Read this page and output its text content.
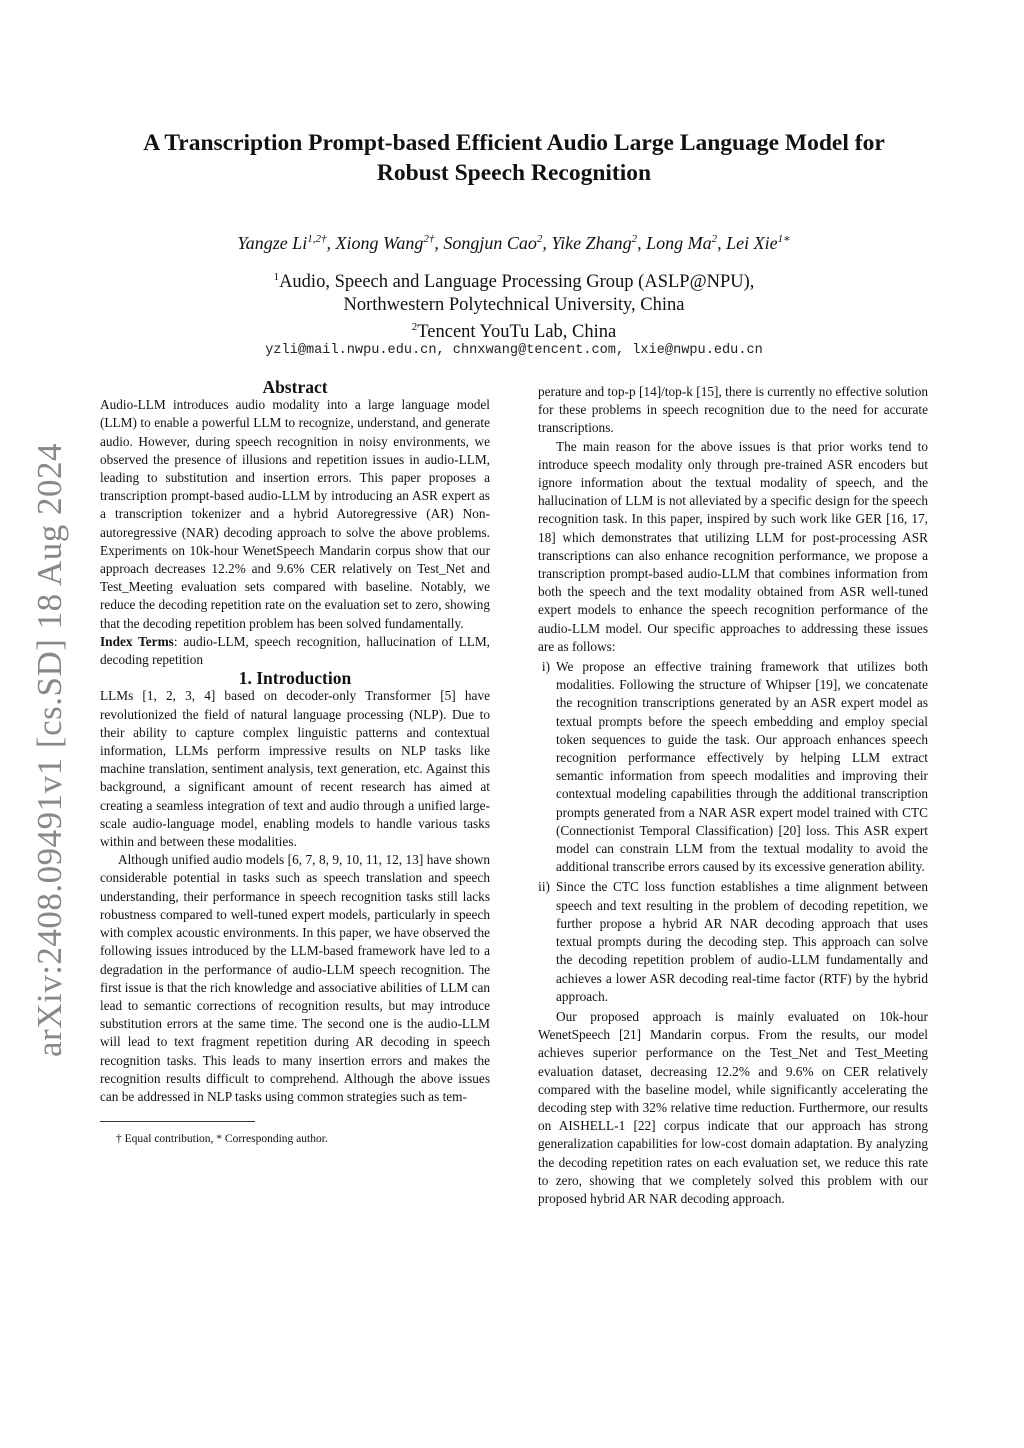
arXiv:2408.09491v1 [cs.SD] 18 Aug 2024
A Transcription Prompt-based Efficient Audio Large Language Model for
Robust Speech Recognition
Yangze $Li^{1,2\dagger}$, Xiong Wang$^{2\dagger}$, Songjun Cao$^2$, Yike Zhang$^2$, Long Ma$^2$, Lei Xie$^{1∗}$
$^1$Audio, Speech and Language Processing Group (ASLP@NPU),
Northwestern Polytechnical University, China
$^2$Tencent YouTu Lab, China
yzli@mail.nwpu.edu.cn, chnxwang@tencent.com, lxie@nwpu.edu.cn

Abstract

Audio-LLM introduces audio modality into a large language model (LLM) to enable a powerful LLM to recognize, understand, and generate audio. However, during speech recognition in noisy environments, we observed the presence of illusions and repetition issues in audio-LLM, leading to substitution and insertion errors. This paper proposes a transcription prompt-based audio-LLM by introducing an ASR expert as a transcription tokenizer and a hybrid Autoregressive (AR) Non-autoregressive (NAR) decoding approach to solve the above problems. Experiments on 10k-hour WenetSpeech Mandarin corpus show that our approach decreases 12.2% and 9.6% CER relatively on Test_Net and Test_Meeting evaluation sets compared with baseline. Notably, we reduce the decoding repetition rate on the evaluation set to zero, showing that the decoding repetition problem has been solved fundamentally.

Index Terms: audio-LLM, speech recognition, hallucination of LLM, decoding repetition

1. Introduction

LLMs [1, 2, 3, 4] based on decoder-only Transformer [5] have revolutionized the field of natural language processing (NLP). Due to their ability to capture complex linguistic patterns and contextual information, LLMs perform impressive results on NLP tasks like machine translation, sentiment analysis, text generation, etc. Against this background, a significant amount of recent research has aimed at creating a seamless integration of text and audio through a unified large-scale audio-language model, enabling models to handle various tasks within and between these modalities.

Although unified audio models [6, 7, 8, 9, 10, 11, 12, 13] have shown considerable potential in tasks such as speech translation and speech understanding, their performance in speech recognition tasks still lacks robustness compared to well-tuned expert models, particularly in speech with complex acoustic environments. In this paper, we have observed the following issues introduced by the LLM-based framework have led to a degradation in the performance of audio-LLM speech recognition. The first issue is that the rich knowledge and associative abilities of LLM can lead to semantic corrections of recognition results, but may introduce substitution errors at the same time. The second one is the audio-LLM will lead to text fragment repetition during AR decoding in speech recognition tasks. This leads to many insertion errors and makes the recognition results difficult to comprehend. Although the above issues can be addressed in NLP tasks using common strategies such as tem-

† Equal contribution, * Corresponding author.

perature and top-p [14]/top-k [15], there is currently no effective solution for these problems in speech recognition due to the need for accurate transcriptions.

The main reason for the above issues is that prior works tend to introduce speech modality only through pre-trained ASR encoders but ignore information about the textual modality of speech, and the hallucination of LLM is not alleviated by a specific design for the speech recognition task. In this paper, inspired by such work like GER [16, 17, 18] which demonstrates that utilizing LLM for post-processing ASR transcriptions can also enhance recognition performance, we propose a transcription prompt-based audio-LLM that combines information from both the speech and the text modality obtained from ASR well-tuned expert models to enhance the speech recognition performance of the audio-LLM model. Our specific approaches to addressing these issues are as follows:

i) We propose an effective training framework that utilizes both modalities. Following the structure of Whipser [19], we concatenate the recognition transcriptions generated by an ASR expert model as textual prompts before the speech embedding and employ special token sequences to guide the task. Our approach enhances speech recognition performance effectively by helping LLM extract semantic information from speech modalities and improving their contextual modeling capabilities through the additional transcription prompts generated from a NAR ASR expert model trained with CTC (Connectionist Temporal Classification) [20] loss. This ASR expert model can constrain LLM from the textual modality to avoid the additional transcribe errors caused by its excessive generation ability.
ii) Since the CTC loss function establishes a time alignment between speech and text resulting in the problem of decoding repetition, we further propose a hybrid AR NAR decoding approach that uses textual prompts during the decoding step. This approach can solve the decoding repetition problem of audio-LLM fundamentally and achieves a lower ASR decoding real-time factor (RTF) by the hybrid approach.

Our proposed approach is mainly evaluated on 10k-hour WenetSpeech [21] Mandarin corpus. From the results, our model achieves superior performance on the Test_Net and Test_Meeting evaluation dataset, decreasing 12.2% and 9.6% on CER relatively compared with the baseline model, while significantly accelerating the decoding step with 32% relative time reduction. Furthermore, our results on AISHELL-1 [22] corpus indicate that our approach has strong generalization capabilities for low-cost domain adaptation. By analyzing the decoding repetition rates on each evaluation set, we reduce this rate to zero, showing that we completely solved this problem with our proposed hybrid AR NAR decoding approach.
